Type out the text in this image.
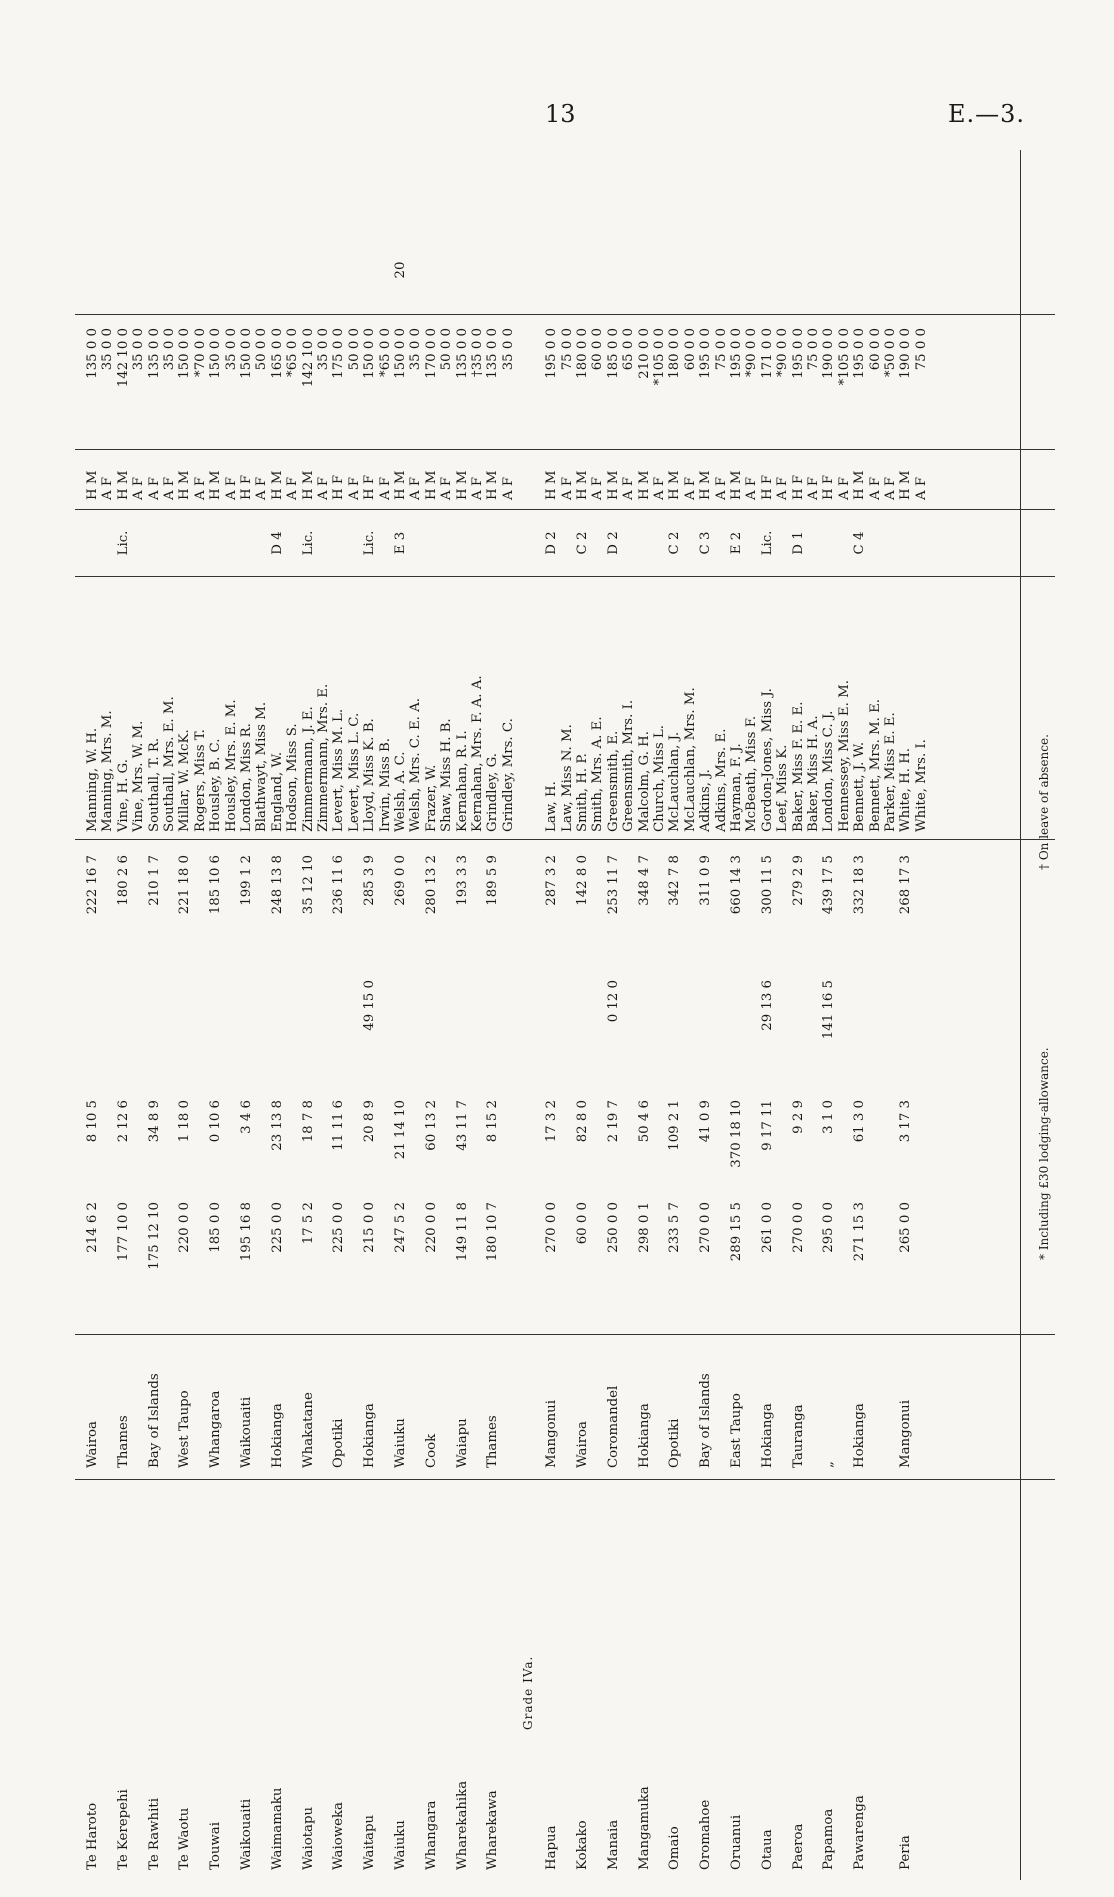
13	E.—3.
Te Haroto
Wairoa
214 6 2
8 10 5
222 16 7
Manning, W. H.
H M
135 0 0
Manning, Mrs. M.
A F
35 0 0
Te Kerepehi
Thames
177 10 0
2 12 6
180 2 6
Vine, H. G.
Lic.
H M
142 10 0
Vine, Mrs. W. M.
A F
35 0 0
Te Rawhiti
Bay of Islands
175 12 10
34 8 9
210 1 7
Southall, T. R.
A F
135 0 0
Southall, Mrs. E. M.
A F
35 0 0
Te Waotu
West Taupo
220 0 0
1 18 0
221 18 0
Millar, W. McK.
H M
150 0 0
Rogers, Miss T.
A F
*70 0 0
Touwai
Whangaroa
185 0 0
0 10 6
185 10 6
Housley, B. C.
H M
150 0 0
Housley, Mrs. E. M.
A F
35 0 0
Waikouaiti
Waikouaiti
195 16 8
3 4 6
199 1 2
London, Miss R.
H F
150 0 0
Blathwayt, Miss M.
A F
50 0 0
Waimamaku
Hokianga
225 0 0
23 13 8
248 13 8
England, W.
D 4
H M
165 0 0
Hodson, Miss S.
A F
*65 0 0
Waiotapu
Whakatane
17 5 2
18 7 8
35 12 10
Zimmermann, J. E.
Lic.
H M
142 10 0
Zimmermann, Mrs. E.
A F
35 0 0
Waioweka
Opotiki
225 0 0
11 11 6
236 11 6
Levert, Miss M. L.
H F
175 0 0
Levert, Miss L. C.
A F
50 0 0
Waitapu
Hokianga
215 0 0
20 8 9
49 15 0
285 3 9
Lloyd, Miss K. B.
Lic.
H F
150 0 0
Irwin, Miss B.
A F
*65 0 0
Waiuku
Waiuku
247 5 2
21 14 10
269 0 0
Welsh, A. C.
E 3
H M
150 0 0
20
Welsh, Mrs. C. E. A.
A F
35 0 0
Whangara
Cook
220 0 0
60 13 2
280 13 2
Frazer, W.
H M
170 0 0
Shaw, Miss H. B.
A F
50 0 0
Wharekahika
Waiapu
149 11 8
43 11 7
193 3 3
Kernahan, R. I.
H M
135 0 0
Kernahan, Mrs. F. A. A.
A F
†35 0 0
Wharekawa
Thames
180 10 7
8 15 2
189 5 9
Grindley, G.
H M
135 0 0
Grindley, Mrs. C.
A F
35 0 0
Grade IVa.
Hapua
Mangonui
270 0 0
17 3 2
287 3 2
Law, H.
D 2
H M
195 0 0
Law, Miss N. M.
A F
75 0 0
Kokako
Wairoa
60 0 0
82 8 0
142 8 0
Smith, H. P.
C 2
H M
180 0 0
Smith, Mrs. A. E.
A F
60 0 0
Manaia
Coromandel
250 0 0
2 19 7
0 12 0
253 11 7
Greensmith, E.
D 2
H M
185 0 0
Greensmith, Mrs. I.
A F
65 0 0
Mangamuka
Hokianga
298 0 1
50 4 6
348 4 7
Malcolm, G. H.
H M
210 0 0
Church, Miss L.
A F
*105 0 0
Omaio
Opotiki
233 5 7
109 2 1
342 7 8
McLauchlan, J.
C 2
H M
180 0 0
McLauchlan, Mrs. M.
A F
60 0 0
Oromahoe
Bay of Islands
270 0 0
41 0 9
311 0 9
Adkins, J.
C 3
H M
195 0 0
Adkins, Mrs. E.
A F
75 0 0
Oruanui
East Taupo
289 15 5
370 18 10
660 14 3
Hayman, F. J.
E 2
H M
195 0 0
McBeath, Miss F.
A F
*90 0 0
Otaua
Hokianga
261 0 0
9 17 11
29 13 6
300 11 5
Gordon-Jones, Miss J.
Lic.
H F
171 0 0
Leef, Miss K.
A F
*90 0 0
Paeroa
Tauranga
270 0 0
9 2 9
279 2 9
Baker, Miss F. E. E.
D 1
H F
195 0 0
Baker, Miss H. A.
A F
75 0 0
Papamoa
„
295 0 0
3 1 0
141 16 5
439 17 5
London, Miss C. J.
H F
190 0 0
Hennessey, Miss E. M.
A F
*105 0 0
Pawarenga
Hokianga
271 15 3
61 3 0
332 18 3
Bennett, J. W.
C 4
H M
195 0 0
Bennett, Mrs. M. E.
A F
60 0 0
Parker, Miss E. E.
A F
*50 0 0
Peria
Mangonui
265 0 0
3 17 3
268 17 3
White, H. H.
H M
190 0 0
White, Mrs. I.
A F
75 0 0
* Including £30 lodging-allowance.
† On leave of absence.
